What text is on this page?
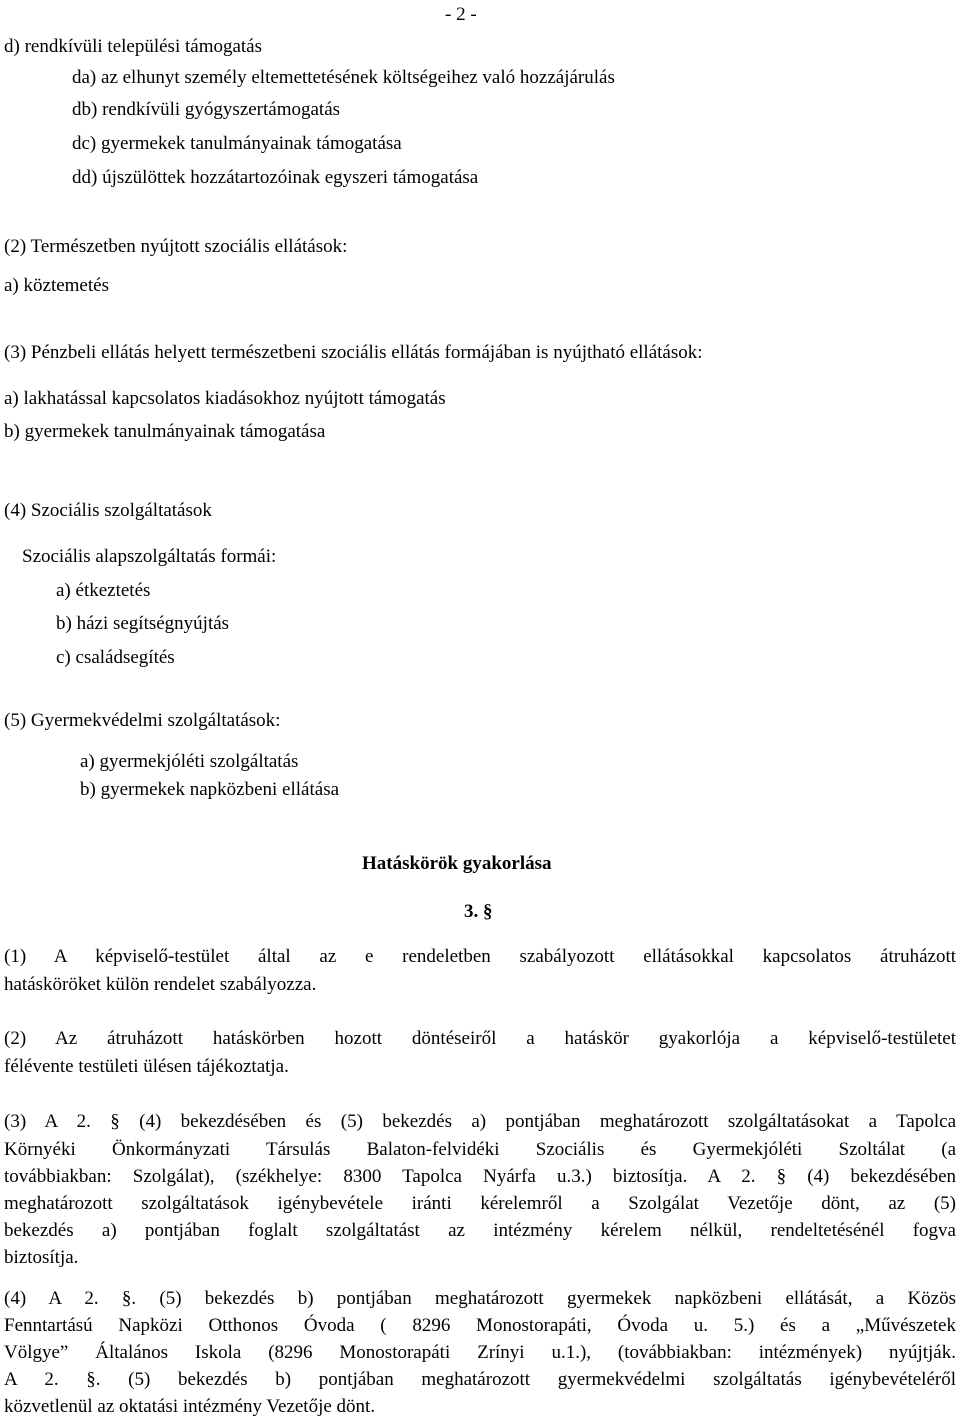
- 2 -
d) rendkívüli települési támogatás
da) az elhunyt személy eltemettetésének költségeihez való hozzájárulás
db) rendkívüli gyógyszertámogatás
dc) gyermekek tanulmányainak támogatása
dd) újszülöttek hozzátartozóinak egyszeri támogatása
(2) Természetben nyújtott szociális ellátások:
a) köztemetés
(3) Pénzbeli ellátás helyett természetbeni szociális ellátás formájában is nyújtható ellátások:
a) lakhatással kapcsolatos kiadásokhoz nyújtott támogatás
b) gyermekek tanulmányainak támogatása
(4) Szociális szolgáltatások
Szociális alapszolgáltatás formái:
a) étkeztetés
b) házi segítségnyújtás
c) családsegítés
(5) Gyermekvédelmi szolgáltatások:
a) gyermekjóléti szolgáltatás
b) gyermekek napközbeni ellátása
Hatáskörök gyakorlása
3. §
(1) A képviselő-testület által az e rendeletben szabályozott ellátásokkal kapcsolatos átruházott
hatásköröket külön rendelet szabályozza.
(2) Az átruházott hatáskörben hozott döntéseiről a hatáskör gyakorlója a képviselő-testületet
félévente testületi ülésen tájékoztatja.
(3) A 2. § (4) bekezdésében és (5) bekezdés a) pontjában meghatározott szolgáltatásokat a Tapolca
Környéki Önkormányzati Társulás Balaton-felvidéki Szociális és Gyermekjóléti Szoltálat (a
továbbiakban: Szolgálat), (székhelye: 8300 Tapolca Nyárfa u.3.) biztosítja. A 2. § (4) bekezdésében
meghatározott szolgáltatások igénybevétele iránti kérelemről a Szolgálat Vezetője dönt, az (5)
bekezdés a) pontjában foglalt szolgáltatást az intézmény kérelem nélkül, rendeltetésénél fogva
biztosítja.
(4) A 2. §. (5) bekezdés b) pontjában meghatározott gyermekek napközbeni ellátását, a Közös
Fenntartású Napközi Otthonos Óvoda ( 8296 Monostorapáti, Óvoda u. 5.) és a „Művészetek
Völgye” Általános Iskola (8296 Monostorapáti Zrínyi u.1.), (továbbiakban: intézmények) nyújtják.
A 2. §. (5) bekezdés b) pontjában meghatározott gyermekvédelmi szolgáltatás igénybevételéről
közvetlenül az oktatási intézmény Vezetője dönt.
